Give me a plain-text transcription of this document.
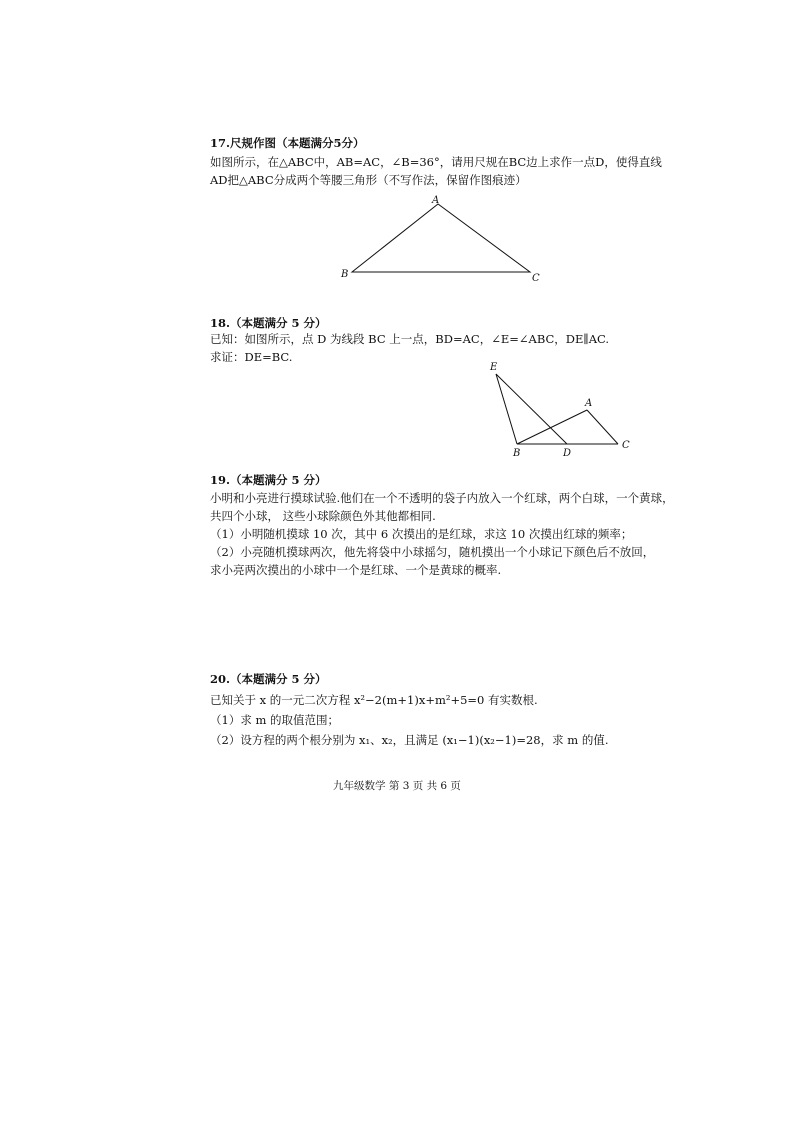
17.尺规作图（本题满分5分）
如图所示，在△ABC中，AB=AC，∠B=36°，请用尺规在BC边上求作一点D，使得直线
AD把△ABC分成两个等腰三角形（不写作法，保留作图痕迹）
A
B	C
18.（本题满分 5 分）
已知：如图所示，点 D 为线段 BC 上一点，BD=AC，∠E=∠ABC，DE∥AC.
求证：DE=BC.
E
A
B	D
C
19.（本题满分 5 分）
小明和小亮进行摸球试验.他们在一个不透明的袋子内放入一个红球，两个白球，一个黄球，
共四个小球， 这些小球除颜色外其他都相同.
（1）小明随机摸球 10 次，其中 6 次摸出的是红球，求这 10 次摸出红球的频率；
（2）小亮随机摸球两次，他先将袋中小球摇匀，随机摸出一个小球记下颜色后不放回，
求小亮两次摸出的小球中一个是红球、一个是黄球的概率.
20.（本题满分 5 分）
已知关于 x 的一元二次方程 x²−2(m+1)x+m²+5=0 有实数根.
（1）求 m 的取值范围；
（2）设方程的两个根分别为 x₁、x₂，且满足 (x₁−1)(x₂−1)=28，求 m 的值.
九年级数学 第 3 页 共 6 页
